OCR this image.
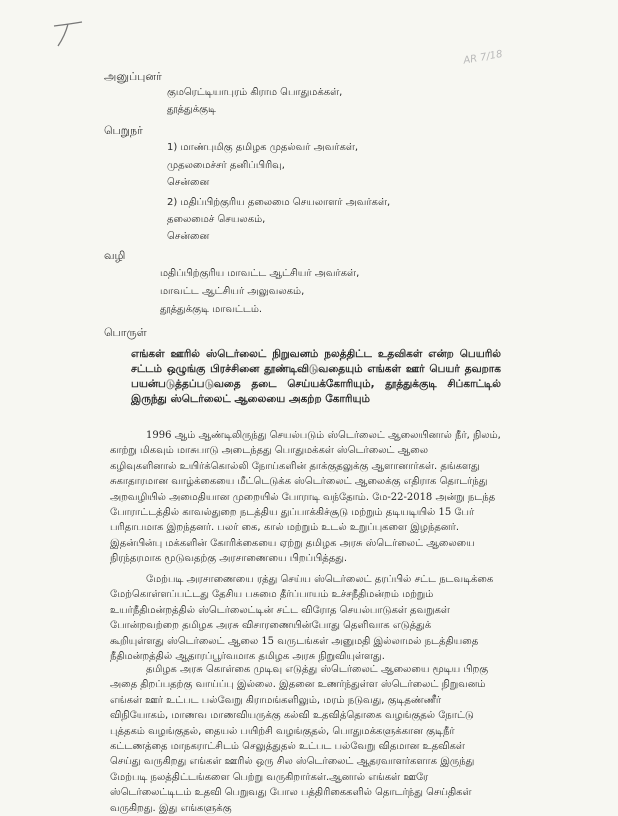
AR 7/18
அனுப்புனர்
குமரெட்டியாபுரம் கிராம பொதுமக்கள்,
தூத்துக்குடி
பெறுநர்
1) மாண்புமிகு தமிழக முதல்வர் அவர்கள்,
முதலமைச்சர் தனிப்பிரிவு,
சென்னை
2) மதிப்பிற்குரிய தலைமை செயலாளர் அவர்கள்,
தலைமைச் செயலகம்,
சென்னை
வழி
மதிப்பிற்குரிய மாவட்ட ஆட்சியர் அவர்கள்,
மாவட்ட ஆட்சியர் அலுவலகம்,
தூத்துக்குடி மாவட்டம்.
பொருள்
எங்கள் ஊரில் ஸ்டெர்லைட் நிறுவனம் நலத்திட்ட உதவிகள் என்ற பெயரில் சட்டம் ஒழுங்கு பிரச்சினை தூண்டிவிடுவதையும் எங்கள் ஊர் பெயர் தவறாக பயன்படுத்தப்படுவதை தடை செய்யக்கோரியும், தூத்துக்குடி சிப்காட்டில் இருந்து ஸ்டெர்லைட் ஆலையை அகற்ற கோரியும்
1996 ஆம் ஆண்டிலிருந்து செயல்படும் ஸ்டெர்லைட் ஆலையினால் நீர், நிலம்,
காற்று மிகவும் மாசுபாடு அடைந்தது பொதுமக்கள் ஸ்டெர்லைட் ஆலை
கழிவுகளினால் உயிர்க்கொல்லி நோய்களின் தாக்குதலுக்கு ஆளானார்கள். தங்களது
சுகாதாரமான வாழ்க்கையை மீட்டெடுக்க ஸ்டெர்லைட் ஆலைக்கு எதிராக தொடர்ந்து
அறவழியில் அமைதியான முறையில் போராடி வந்தோம். மே-22-2018 அன்று நடந்த
போராட்டத்தில் காவல்துறை நடத்திய துப்பாக்கிச்சூடு மற்றும் தடியடியில் 15 பேர்
பரிதாபமாக இறந்தனர். பலர் கை, கால் மற்றும் உடல் உறுப்புகளை இழந்தனர்.
இதன்பின்பு மக்களின் கோரிக்கையை ஏற்று தமிழக அரசு ஸ்டெர்லைட் ஆலையை
நிரந்தரமாக மூடுவதற்கு அரசாணையை பிறப்பித்தது.
மேற்படி அரசாணையை ரத்து செய்ய ஸ்டெர்லைட் தரப்பில் சட்ட நடவடிக்கை
மேற்கொள்ளப்பட்டது தேசிய பசுமை தீர்ப்பாயம் உச்சநீதிமன்றம் மற்றும்
உயர்நீதிமன்றத்தில் ஸ்டெர்லைட்டின் சட்ட விரோத செயல்பாடுகள் தவறுகள்
போன்றவற்றை தமிழக அரசு விசாரணையின்போது தெளிவாக எடுத்துக்
கூறியுள்ளது ஸ்டெர்லைட் ஆலை 15 வருடங்கள் அனுமதி இல்லாமல் நடத்தியதை
நீதிமன்றத்தில் ஆதாரப்பூர்வமாக தமிழக அரசு நிறுவியுள்ளது.
தமிழக அரசு கொள்கை முடிவு எடுத்து ஸ்டெர்லைட் ஆலையை மூடிய பிறகு
அதை திறப்பதற்கு வாய்ப்பு இல்லை. இதனை உணர்ந்துள்ள ஸ்டெர்லைட் நிறுவனம்
எங்கள் ஊர் உட்பட பல்வேறு கிராமங்களிலும், மரம் நடுவது, குடிதண்ணீர்
விநியோகம், மாணவ மாணவியருக்கு கல்வி உதவித்தொகை வழங்குதல் நோட்டு
புத்தகம் வழங்குதல், தையல் பயிற்சி வழங்குதல், பொதுமக்களுக்கான குடிநீர்
கட்டணத்தை மாநகராட்சிடம் செலுத்துதல் உட்பட பல்வேறு விதமான உதவிகள்
செய்து வருகிறது எங்கள் ஊரில் ஒரு சில ஸ்டெர்லைட் ஆதரவாளர்களாக இருந்து
மேற்படி நலத்திட்டங்களை பெற்று வருகிறார்கள்.ஆனால் எங்கள் ஊரே
ஸ்டெர்லைட்டிடம் உதவி பெறுவது போல பத்திரிகைகளில் தொடர்ந்து செய்திகள்
வருகிறது. இது எங்களுக்கு
